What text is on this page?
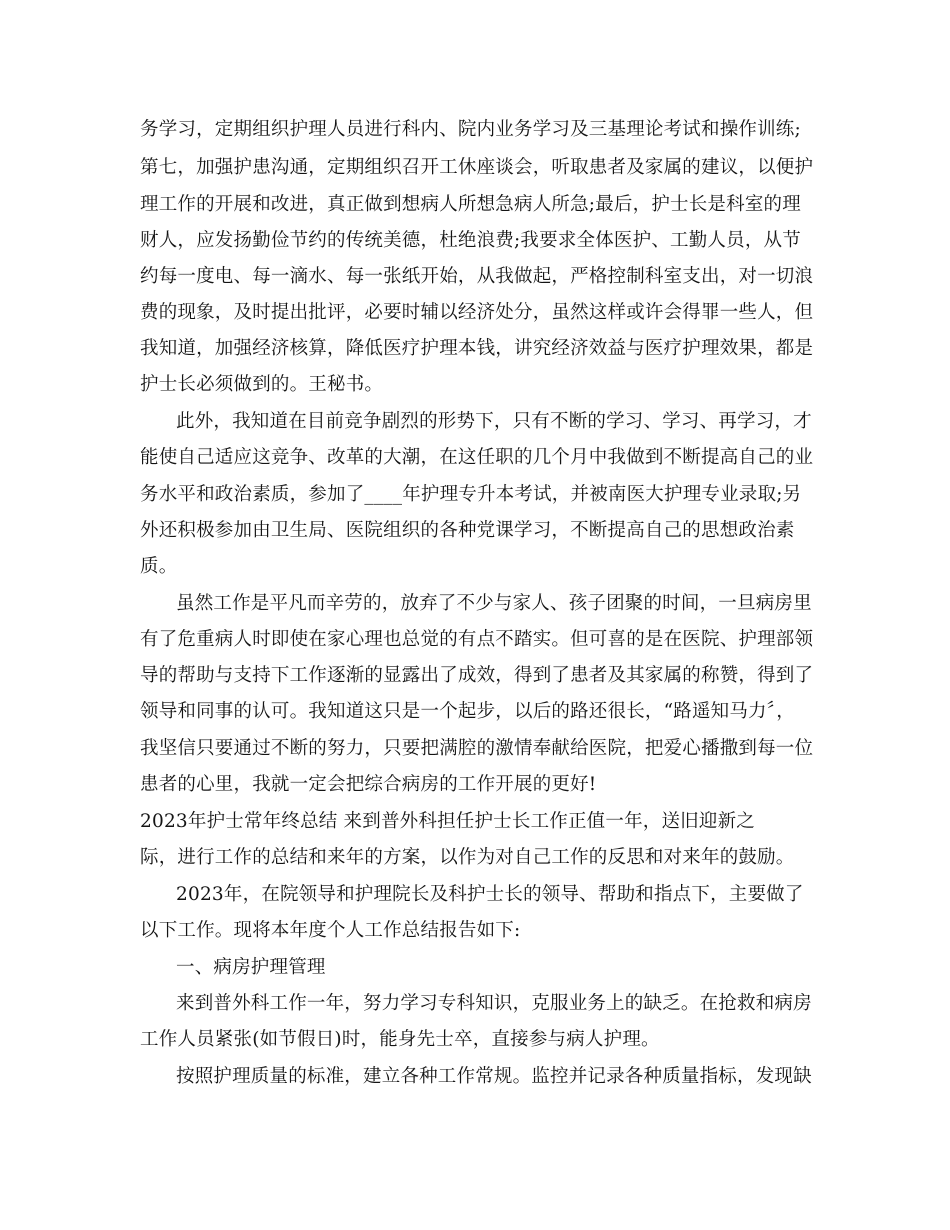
务学习，定期组织护理人员进行科内、院内业务学习及三基理论考试和操作训练;
第七，加强护患沟通，定期组织召开工休座谈会，听取患者及家属的建议，以便护
理工作的开展和改进，真正做到想病人所想急病人所急;最后，护士长是科室的理
财人，应发扬勤俭节约的传统美德，杜绝浪费;我要求全体医护、工勤人员，从节
约每一度电、每一滴水、每一张纸开始，从我做起，严格控制科室支出，对一切浪
费的现象，及时提出批评，必要时辅以经济处分，虽然这样或许会得罪一些人，但
我知道，加强经济核算，降低医疗护理本钱，讲究经济效益与医疗护理效果，都是
护士长必须做到的。王秘书。
此外，我知道在目前竞争剧烈的形势下，只有不断的学习、学习、再学习，才
能使自己适应这竞争、改革的大潮，在这任职的几个月中我做到不断提高自己的业
务水平和政治素质，参加了____年护理专升本考试，并被南医大护理专业录取;另
外还积极参加由卫生局、医院组织的各种党课学习，不断提高自己的思想政治素
质。
虽然工作是平凡而辛劳的，放弃了不少与家人、孩子团聚的时间，一旦病房里
有了危重病人时即使在家心理也总觉的有点不踏实。但可喜的是在医院、护理部领
导的帮助与支持下工作逐渐的显露出了成效，得到了患者及其家属的称赞，得到了
领导和同事的认可。我知道这只是一个起步，以后的路还很长，“路遥知马力〞，
我坚信只要通过不断的努力，只要把满腔的激情奉献给医院，把爱心播撒到每一位
患者的心里，我就一定会把综合病房的工作开展的更好!
2023年护士常年终总结 来到普外科担任护士长工作正值一年，送旧迎新之
际，进行工作的总结和来年的方案，以作为对自己工作的反思和对来年的鼓励。
2023年，在院领导和护理院长及科护士长的领导、帮助和指点下，主要做了
以下工作。现将本年度个人工作总结报告如下:
一、病房护理管理
来到普外科工作一年，努力学习专科知识，克服业务上的缺乏。在抢救和病房
工作人员紧张(如节假日)时，能身先士卒，直接参与病人护理。
按照护理质量的标准，建立各种工作常规。监控并记录各种质量指标，发现缺
